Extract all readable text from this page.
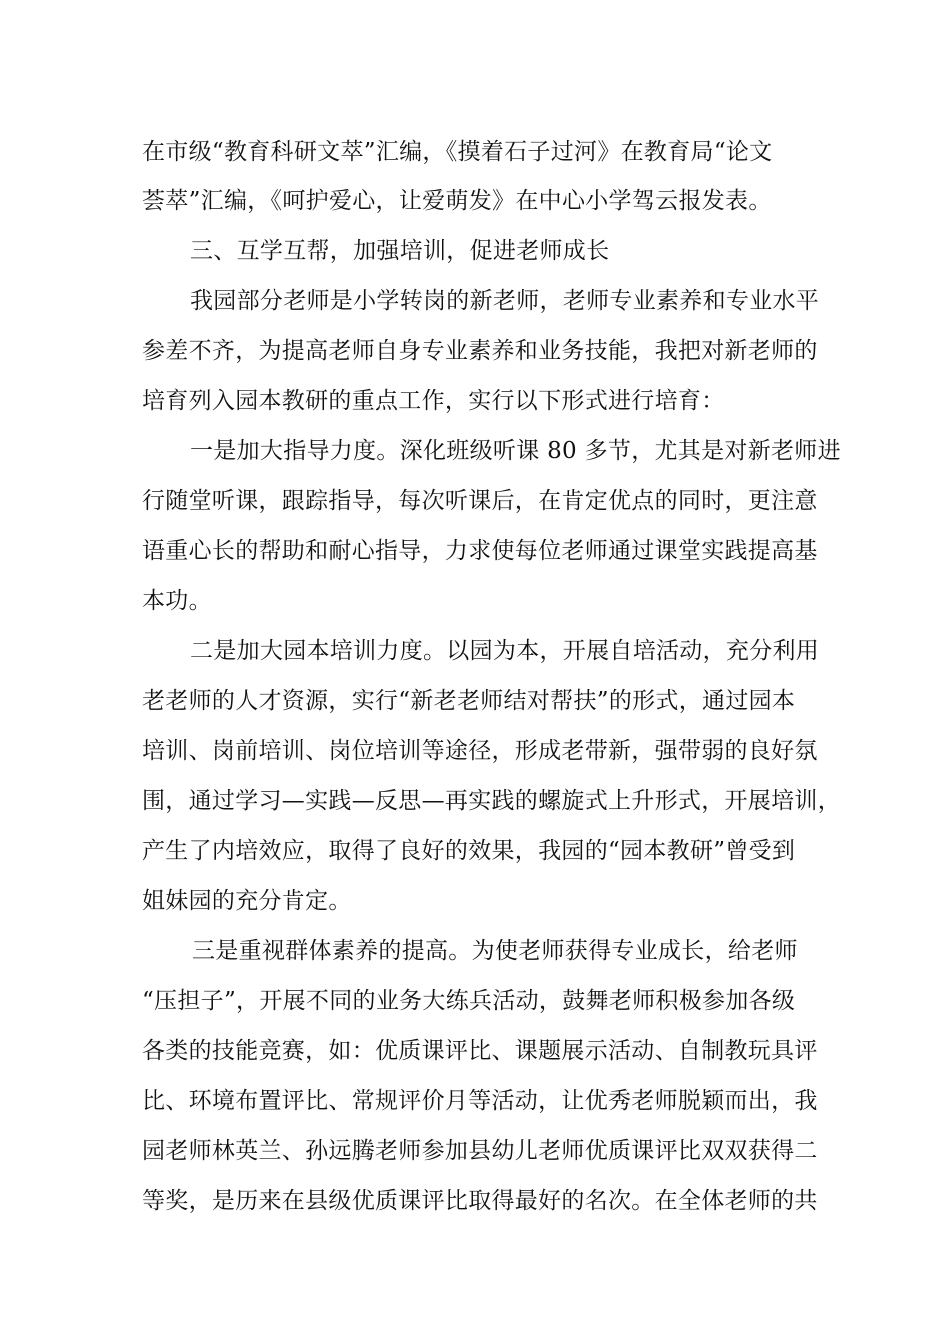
在市级“教育科研文萃”汇编，《摸着石子过河》在教育局“论文
荟萃”汇编，《呵护爱心，让爱萌发》在中心小学驾云报发表。
三、互学互帮，加强培训，促进老师成长
我园部分老师是小学转岗的新老师，老师专业素养和专业水平
参差不齐，为提高老师自身专业素养和业务技能，我把对新老师的
培育列入园本教研的重点工作，实行以下形式进行培育：
一是加大指导力度。深化班级听课 80 多节，尤其是对新老师进
行随堂听课，跟踪指导，每次听课后，在肯定优点的同时，更注意
语重心长的帮助和耐心指导，力求使每位老师通过课堂实践提高基
本功。
二是加大园本培训力度。以园为本，开展自培活动，充分利用
老老师的人才资源，实行“新老老师结对帮扶”的形式，通过园本
培训、岗前培训、岗位培训等途径，形成老带新，强带弱的良好氛
围，通过学习—实践—反思—再实践的螺旋式上升形式，开展培训，
产生了内培效应，取得了良好的效果，我园的“园本教研”曾受到
姐妹园的充分肯定。
三是重视群体素养的提高。为使老师获得专业成长，给老师
“压担子”，开展不同的业务大练兵活动，鼓舞老师积极参加各级
各类的技能竞赛，如：优质课评比、课题展示活动、自制教玩具评
比、环境布置评比、常规评价月等活动，让优秀老师脱颖而出，我
园老师林英兰、孙远腾老师参加县幼儿老师优质课评比双双获得二
等奖，是历来在县级优质课评比取得最好的名次。在全体老师的共
